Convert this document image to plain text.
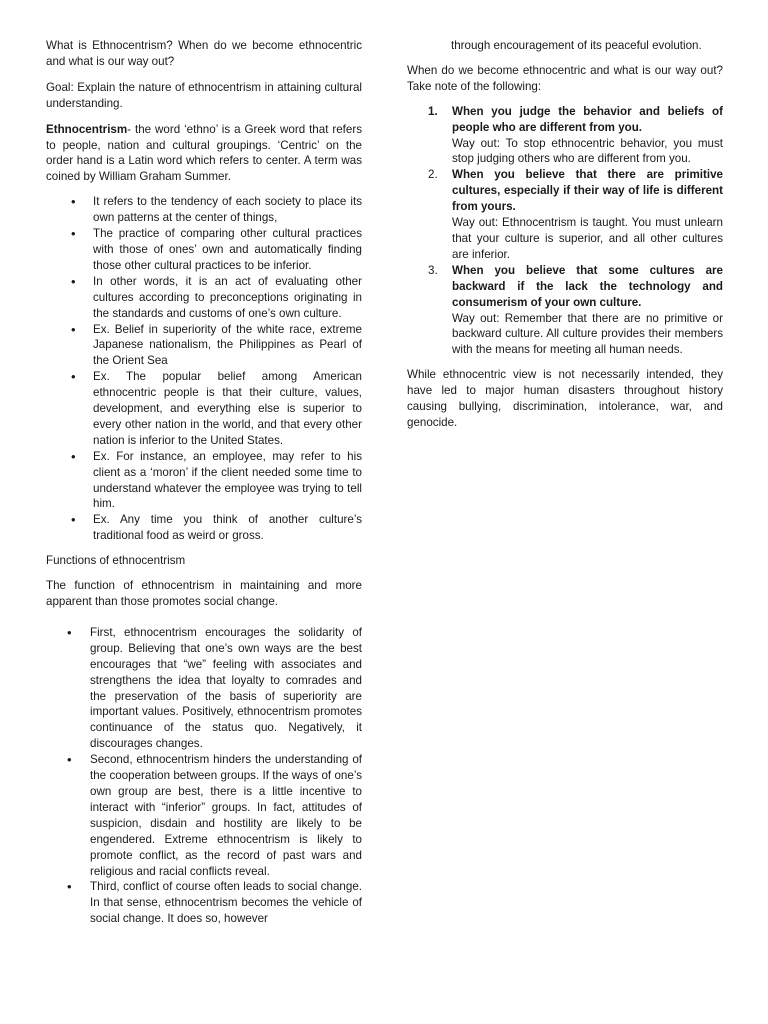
What is Ethnocentrism? When do we become ethnocentric and what is our way out?

Goal: Explain the nature of ethnocentrism in attaining cultural understanding.

Ethnocentrism- the word ‘ethno’ is a Greek word that refers to people, nation and cultural groupings. ‘Centric’ on the order hand is a Latin word which refers to center. A term was coined by William Graham Summer.

• It refers to the tendency of each society to place its own patterns at the center of things,
• The practice of comparing other cultural practices with those of ones’ own and automatically finding those other cultural practices to be inferior.
• In other words, it is an act of evaluating other cultures according to preconceptions originating in the standards and customs of one’s own culture.
• Ex. Belief in superiority of the white race, extreme Japanese nationalism, the Philippines as Pearl of the Orient Sea
• Ex. The popular belief among American ethnocentric people is that their culture, values, development, and everything else is superior to every other nation in the world, and that every other nation is inferior to the United States.
• Ex. For instance, an employee, may refer to his client as a ‘moron’ if the client needed some time to understand whatever the employee was trying to tell him.
• Ex. Any time you think of another culture’s traditional food as weird or gross.

Functions of ethnocentrism

The function of ethnocentrism in maintaining and more apparent than those promotes social change.

• First, ethnocentrism encourages the solidarity of group. Believing that one’s own ways are the best encourages that “we” feeling with associates and strengthens the idea that loyalty to comrades and the preservation of the basis of superiority are important values. Positively, ethnocentrism promotes continuance of the status quo. Negatively, it discourages changes.
• Second, ethnocentrism hinders the understanding of the cooperation between groups. If the ways of one’s own group are best, there is a little incentive to interact with “inferior” groups. In fact, attitudes of suspicion, disdain and hostility are likely to be engendered. Extreme ethnocentrism is likely to promote conflict, as the record of past wars and religious and racial conflicts reveal.
• Third, conflict of course often leads to social change. In that sense, ethnocentrism becomes the vehicle of social change. It does so, however
through encouragement of its peaceful evolution.

When do we become ethnocentric and what is our way out? Take note of the following:

1. When you judge the behavior and beliefs of people who are different from you.
Way out: To stop ethnocentric behavior, you must stop judging others who are different from you.
2. When you believe that there are primitive cultures, especially if their way of life is different from yours.
Way out: Ethnocentrism is taught. You must unlearn that your culture is superior, and all other cultures are inferior.
3. When you believe that some cultures are backward if the lack the technology and consumerism of your own culture.
Way out: Remember that there are no primitive or backward culture. All culture provides their members with the means for meeting all human needs.

While ethnocentric view is not necessarily intended, they have led to major human disasters throughout history causing bullying, discrimination, intolerance, war, and genocide.
